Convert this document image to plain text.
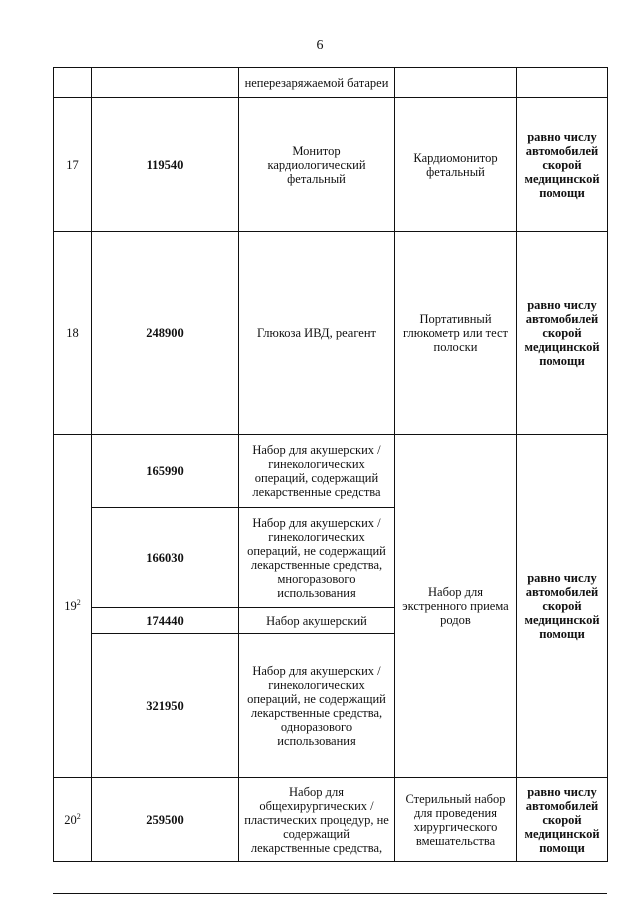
6
		неперезаряжаемой батареи		
17	119540	Монитор кардиологический фетальный	Кардиомонитор фетальный	равно числу автомобилей скорой медицинской помощи
18	248900	Глюкоза ИВД, реагент	Портативный глюкометр или тест полоски	равно числу автомобилей скорой медицинской помощи
$19^2$	165990	Набор для акушерских /гинекологических операций, содержащий лекарственные средства	Набор для экстренного приема родов	равно числу автомобилей скорой медицинской помощи
	166030	Набор для акушерских /гинекологических операций, не содержащий лекарственные средства, многоразового использования		
	174440	Набор акушерский		
	321950	Набор для акушерских /гинекологических операций, не содержащий лекарственные средства, одноразового использования		
$20^2$	259500	Набор для общехирургических /пластических процедур, не содержащий лекарственные средства,	Стерильный набор для проведения хирургического вмешательства	равно числу автомобилей скорой медицинской помощи
